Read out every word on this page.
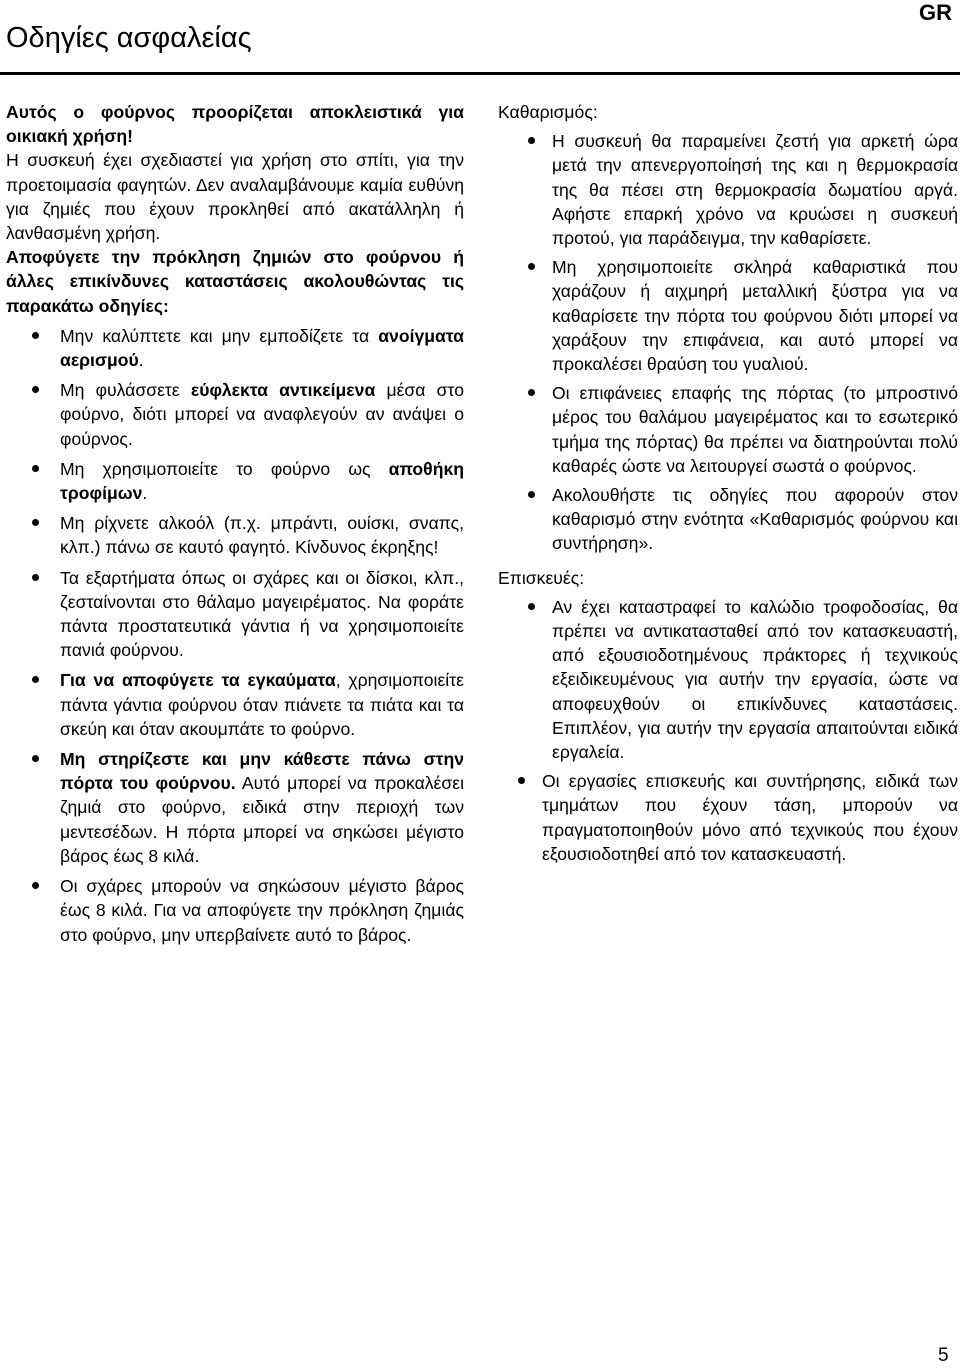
GR
Οδηγίες ασφαλείας

Αυτός ο φούρνος προορίζεται αποκλειστικά για οικιακή χρήση!

Η συσκευή έχει σχεδιαστεί για χρήση στο σπίτι, για την προετοιμασία φαγητών. Δεν αναλαμβάνουμε καμία ευθύνη για ζημιές που έχουν προκληθεί από ακατάλληλη ή λανθασμένη χρήση.

Αποφύγετε την πρόκληση ζημιών στο φούρνου ή άλλες επικίνδυνες καταστάσεις ακολουθώντας τις παρακάτω οδηγίες:

Μην καλύπτετε και μην εμποδίζετε τα ανοίγματα αερισμού.
Μη φυλάσσετε εύφλεκτα αντικείμενα μέσα στο φούρνο, διότι μπορεί να αναφλεγούν αν ανάψει ο φούρνος.
Μη χρησιμοποιείτε το φούρνο ως αποθήκη τροφίμων.
Μη ρίχνετε αλκοόλ (π.χ. μπράντι, ουίσκι, σναπς, κλπ.) πάνω σε καυτό φαγητό. Κίνδυνος έκρηξης!
Τα εξαρτήματα όπως οι σχάρες και οι δίσκοι, κλπ., ζεσταίνονται στο θάλαμο μαγειρέματος. Να φοράτε πάντα προστατευτικά γάντια ή να χρησιμοποιείτε πανιά φούρνου.
Για να αποφύγετε τα εγκαύματα, χρησιμοποιείτε πάντα γάντια φούρνου όταν πιάνετε τα πιάτα και τα σκεύη και όταν ακουμπάτε το φούρνο.
Μη στηρίζεστε και μην κάθεστε πάνω στην πόρτα του φούρνου. Αυτό μπορεί να προκαλέσει ζημιά στο φούρνο, ειδικά στην περιοχή των μεντεσέδων. Η πόρτα μπορεί να σηκώσει μέγιστο βάρος έως 8 κιλά.
Οι σχάρες μπορούν να σηκώσουν μέγιστο βάρος έως 8 κιλά. Για να αποφύγετε την πρόκληση ζημιάς στο φούρνο, μην υπερβαίνετε αυτό το βάρος.

Καθαρισμός:

Η συσκευή θα παραμείνει ζεστή για αρκετή ώρα μετά την απενεργοποίησή της και η θερμοκρασία της θα πέσει στη θερμοκρασία δωματίου αργά. Αφήστε επαρκή χρόνο να κρυώσει η συσκευή προτού, για παράδειγμα, την καθαρίσετε.
Μη χρησιμοποιείτε σκληρά καθαριστικά που χαράζουν ή αιχμηρή μεταλλική ξύστρα για να καθαρίσετε την πόρτα του φούρνου διότι μπορεί να χαράξουν την επιφάνεια, και αυτό μπορεί να προκαλέσει θραύση του γυαλιού.
Οι επιφάνειες επαφής της πόρτας (το μπροστινό μέρος του θαλάμου μαγειρέματος και το εσωτερικό τμήμα της πόρτας) θα πρέπει να διατηρούνται πολύ καθαρές ώστε να λειτουργεί σωστά ο φούρνος.
Ακολουθήστε τις οδηγίες που αφορούν στον καθαρισμό στην ενότητα «Καθαρισμός φούρνου και συντήρηση».

Επισκευές:

Αν έχει καταστραφεί το καλώδιο τροφοδοσίας, θα πρέπει να αντικατασταθεί από τον κατασκευαστή, από εξουσιοδοτημένους πράκτορες ή τεχνικούς εξειδικευμένους για αυτήν την εργασία, ώστε να αποφευχθούν οι επικίνδυνες καταστάσεις. Επιπλέον, για αυτήν την εργασία απαιτούνται ειδικά εργαλεία.
Οι εργασίες επισκευής και συντήρησης, ειδικά των τμημάτων που έχουν τάση, μπορούν να πραγματοποιηθούν μόνο από τεχνικούς που έχουν εξουσιοδοτηθεί από τον κατασκευαστή.
5
